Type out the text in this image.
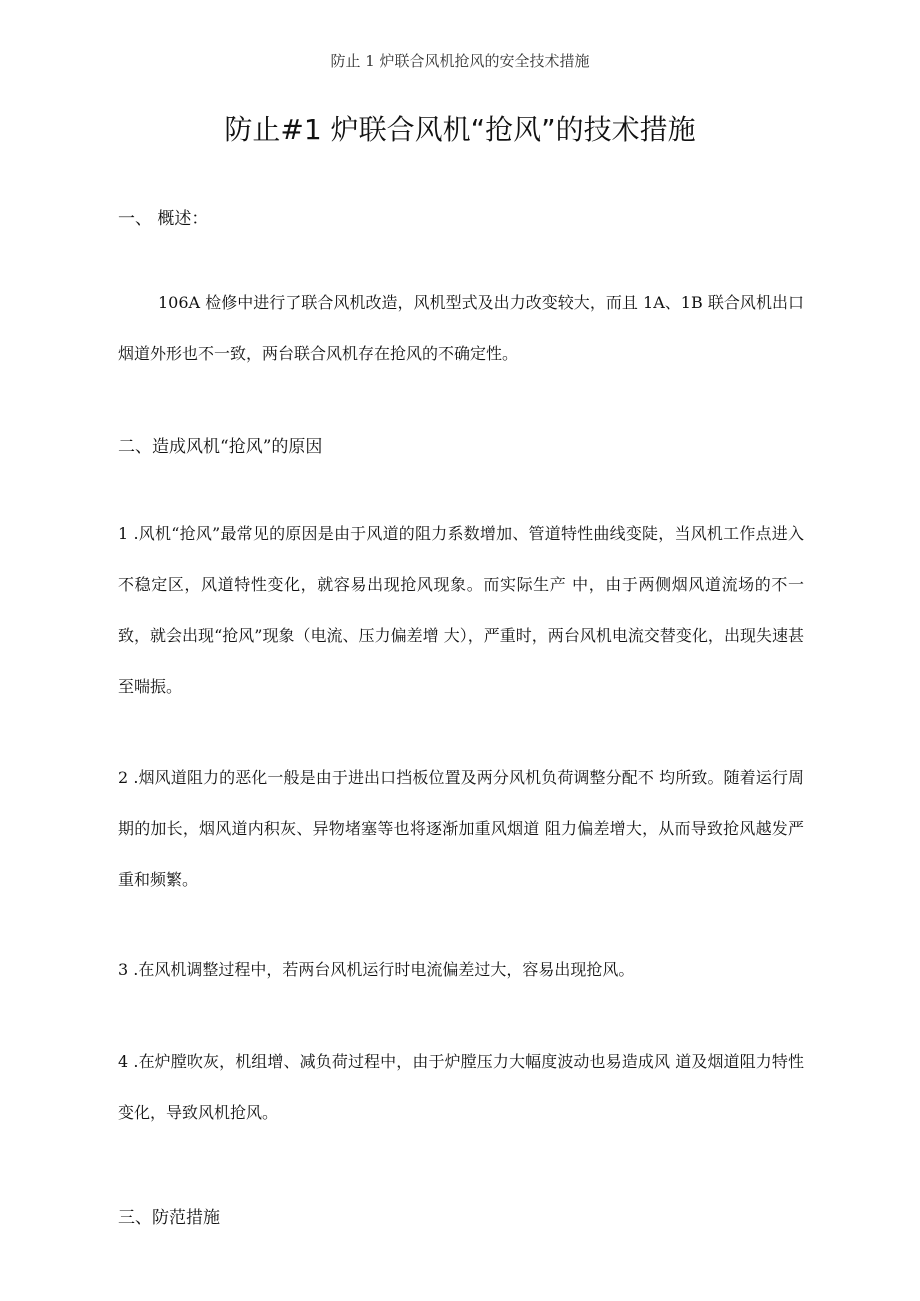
防止 1 炉联合风机抢风的安全技术措施
防止#1 炉联合风机“抢风”的技术措施
一、 概述：

106A 检修中进行了联合风机改造，风机型式及出力改变较大，而且 1A、1B 联合风机出口烟道外形也不一致，两台联合风机存在抢风的不确定性。

二、造成风机“抢风”的原因

1 .风机“抢风”最常见的原因是由于风道的阻力系数增加、管道特性曲线变陡，当风机工作点进入不稳定区，风道特性变化，就容易出现抢风现象。而实际生产 中，由于两侧烟风道流场的不一致，就会出现“抢风”现象（电流、压力偏差增 大），严重时，两台风机电流交替变化，出现失速甚至喘振。

2 .烟风道阻力的恶化一般是由于进出口挡板位置及两分风机负荷调整分配不 均所致。随着运行周期的加长，烟风道内积灰、异物堵塞等也将逐渐加重风烟道 阻力偏差增大，从而导致抢风越发严重和频繁。

3 .在风机调整过程中，若两台风机运行时电流偏差过大，容易出现抢风。

4 .在炉膛吹灰，机组增、减负荷过程中，由于炉膛压力大幅度波动也易造成风 道及烟道阻力特性变化，导致风机抢风。

三、防范措施
